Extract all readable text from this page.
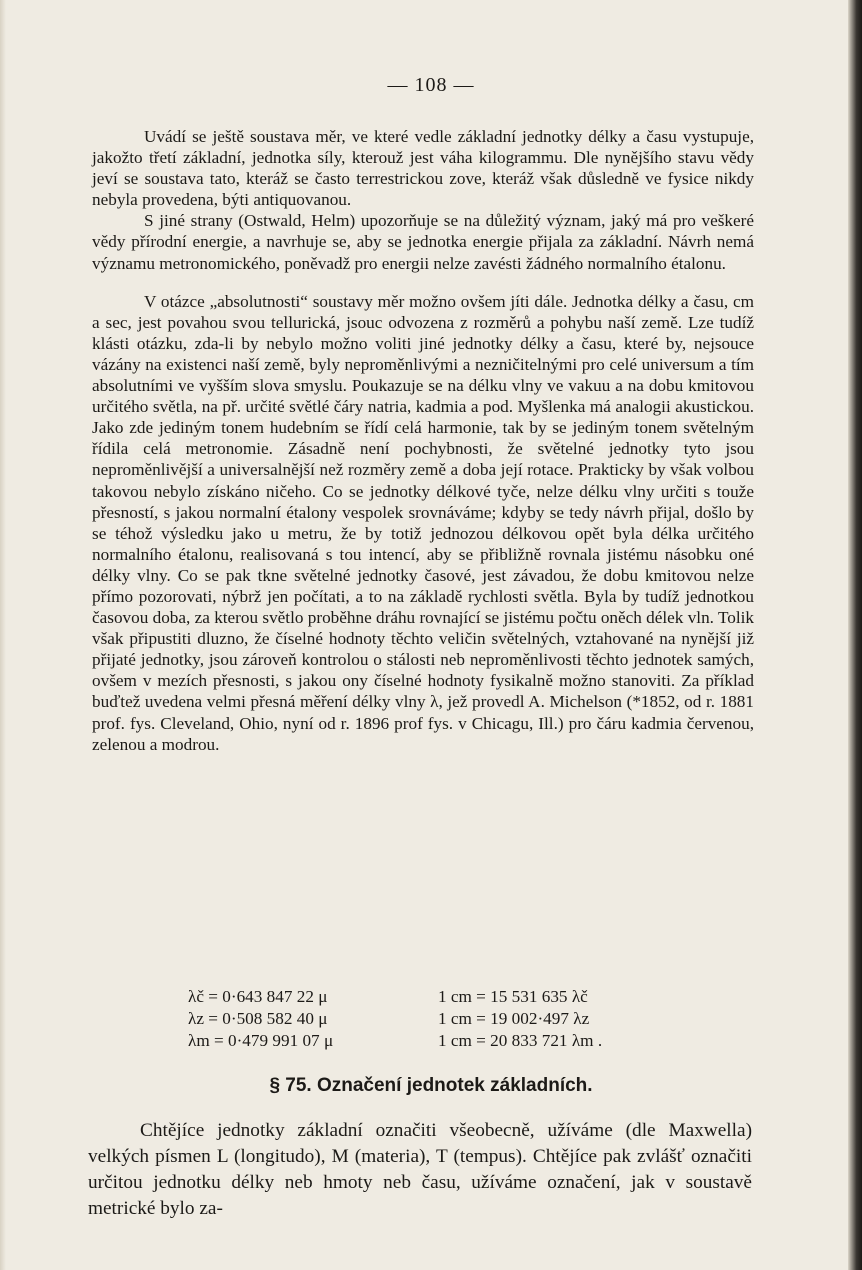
— 108 —

Uvádí se ještě soustava měr, ve které vedle základní jednotky délky a času vystupuje, jakožto třetí základní, jednotka síly, kterouž jest váha kilogrammu. Dle nynějšího stavu vědy jeví se soustava tato, kteráž se často terrestrickou zove, kteráž však důsledně ve fysice nikdy nebyla provedena, býti antiquovanou.

S jiné strany (Ostwald, Helm) upozorňuje se na důležitý význam, jaký má pro veškeré vědy přírodní energie, a navrhuje se, aby se jednotka energie přijala za základní. Návrh nemá významu metronomického, poněvadž pro energii nelze zavésti žádného normalního étalonu.

V otázce „absolutnosti“ soustavy měr možno ovšem jíti dále. Jednotka délky a času, cm a sec, jest povahou svou tellurická, jsouc odvozena z rozměrů a pohybu naší země. Lze tudíž klásti otázku, zda-li by nebylo možno voliti jiné jednotky délky a času, které by, nejsouce vázány na existenci naší země, byly neproměnlivými a nezničitelnými pro celé universum a tím absolutními ve vyšším slova smyslu. Poukazuje se na délku vlny ve vakuu a na dobu kmitovou určitého světla, na př. určité světlé čáry natria, kadmia a pod. Myšlenka má analogii akustickou. Jako zde jediným tonem hudebním se řídí celá harmonie, tak by se jediným tonem světelným řídila celá metronomie. Zásadně není pochybnosti, že světelné jednotky tyto jsou neproměnlivější a universalnější než rozměry země a doba její rotace. Prakticky by však volbou takovou nebylo získáno ničeho. Co se jednotky délkové tyče, nelze délku vlny určiti s touže přesností, s jakou normalní étalony vespolek srovnáváme; kdyby se tedy návrh přijal, došlo by se téhož výsledku jako u metru, že by totiž jednozou délkovou opět byla délka určitého normalního étalonu, realisovaná s tou intencí, aby se přibližně rovnala jistému násobku oné délky vlny. Co se pak tkne světelné jednotky časové, jest závadou, že dobu kmitovou nelze přímo pozorovati, nýbrž jen počítati, a to na základě rychlosti světla. Byla by tudíž jednotkou časovou doba, za kterou světlo proběhne dráhu rovnající se jistému počtu oněch délek vln. Tolik však připustiti dluzno, že číselné hodnoty těchto veličin světelných, vztahované na nynější již přijaté jednotky, jsou zároveň kontrolou o stálosti neb neproměnlivosti těchto jednotek samých, ovšem v mezích přesnosti, s jakou ony číselné hodnoty fysikalně možno stanoviti. Za příklad buďtež uvedena velmi přesná měření délky vlny λ, jež provedl A. Michelson (*1852, od r. 1881 prof. fys. Cleveland, Ohio, nyní od r. 1896 prof fys. v Chicagu, Ill.) pro čáru kadmia červenou, zelenou a modrou.

λč = 0·643 847 22 μ	1 cm = 15 531 635 λč
λz = 0·508 582 40 μ	1 cm = 19 002·497 λz
λm = 0·479 991 07 μ	1 cm = 20 833 721 λm .
§ 75. Označení jednotek základních.

Chtějíce jednotky základní označiti všeobecně, užíváme (dle Maxwella) velkých písmen L (longitudo), M (materia), T (tempus). Chtějíce pak zvlášť označiti určitou jednotku délky neb hmoty neb času, užíváme označení, jak v soustavě metrické bylo za-
